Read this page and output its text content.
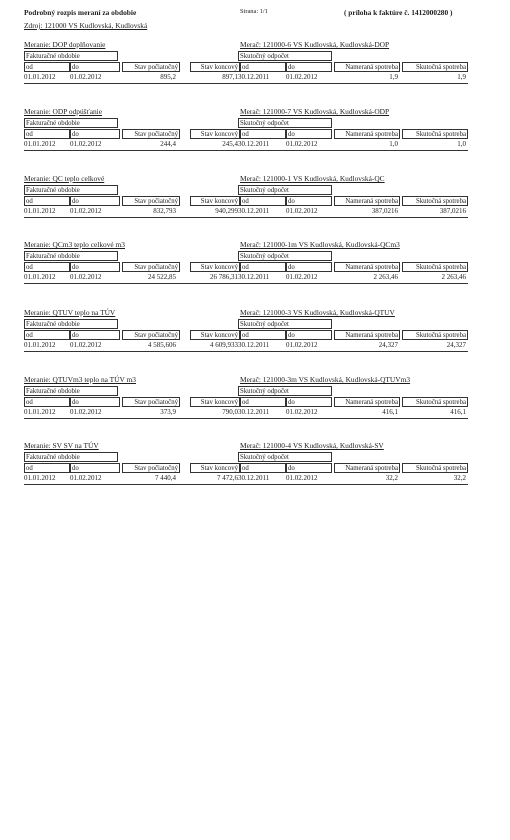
Podrobný rozpis meraní za obdobie	Strana: 1/1	( príloha k faktúre č. 1412000280 )
Zdroj: 121000 VS Kudlovská, Kudlovská
Meranie: DOP doplňovanie	Merač: 121000-6 VS Kudlovská, Kudlovská-DOP
Fakturačné obdobie	Skutočný odpočet
od	do	Stav počiatočný	Stav koncový od	do	Nameraná spotreba	Skutočná spotreba
01.01.2012	01.02.2012	895,2	897,1 30.12.2011	01.02.2012	1,9	1,9
Meranie: ODP odpúšťanie	Merač: 121000-7 VS Kudlovská, Kudlovská-ODP
Fakturačné obdobie	Skutočný odpočet
od	do	Stav počiatočný	Stav koncový od	do	Nameraná spotreba	Skutočná spotreba
01.01.2012	01.02.2012	244,4	245,4 30.12.2011	01.02.2012	1,0	1,0
Meranie: QC teplo celkové	Merač: 121000-1 VS Kudlovská, Kudlovská-QC
Fakturačné obdobie	Skutočný odpočet
od	do	Stav počiatočný	Stav koncový od	do	Nameraná spotreba	Skutočná spotreba
01.01.2012	01.02.2012	832,793	940,299 30.12.2011	01.02.2012	387,0216	387,0216
Meranie: QCm3 teplo celkové m3	Merač: 121000-1m VS Kudlovská, Kudlovská-QCm3
Fakturačné obdobie	Skutočný odpočet
od	do	Stav počiatočný	Stav koncový od	do	Nameraná spotreba	Skutočná spotreba
01.01.2012	01.02.2012	24 522,85	26 786,31 30.12.2011	01.02.2012	2 263,46	2 263,46
Meranie: QTUV teplo na TÚV	Merač: 121000-3 VS Kudlovská, Kudlovská-QTUV
Fakturačné obdobie	Skutočný odpočet
od	do	Stav počiatočný	Stav koncový od	do	Nameraná spotreba	Skutočná spotreba
01.01.2012	01.02.2012	4 585,606	4 609,933 30.12.2011	01.02.2012	24,327	24,327
Meranie: QTUVm3 teplo na TÚV m3	Merač: 121000-3m VS Kudlovská, Kudlovská-QTUVm3
Fakturačné obdobie	Skutočný odpočet
od	do	Stav počiatočný	Stav koncový od	do	Nameraná spotreba	Skutočná spotreba
01.01.2012	01.02.2012	373,9	790,0 30.12.2011	01.02.2012	416,1	416,1
Meranie: SV SV na TÚV	Merač: 121000-4 VS Kudlovská, Kudlovská-SV
Fakturačné obdobie	Skutočný odpočet
od	do	Stav počiatočný	Stav koncový od	do	Nameraná spotreba	Skutočná spotreba
01.01.2012	01.02.2012	7 440,4	7 472,6 30.12.2011	01.02.2012	32,2	32,2
